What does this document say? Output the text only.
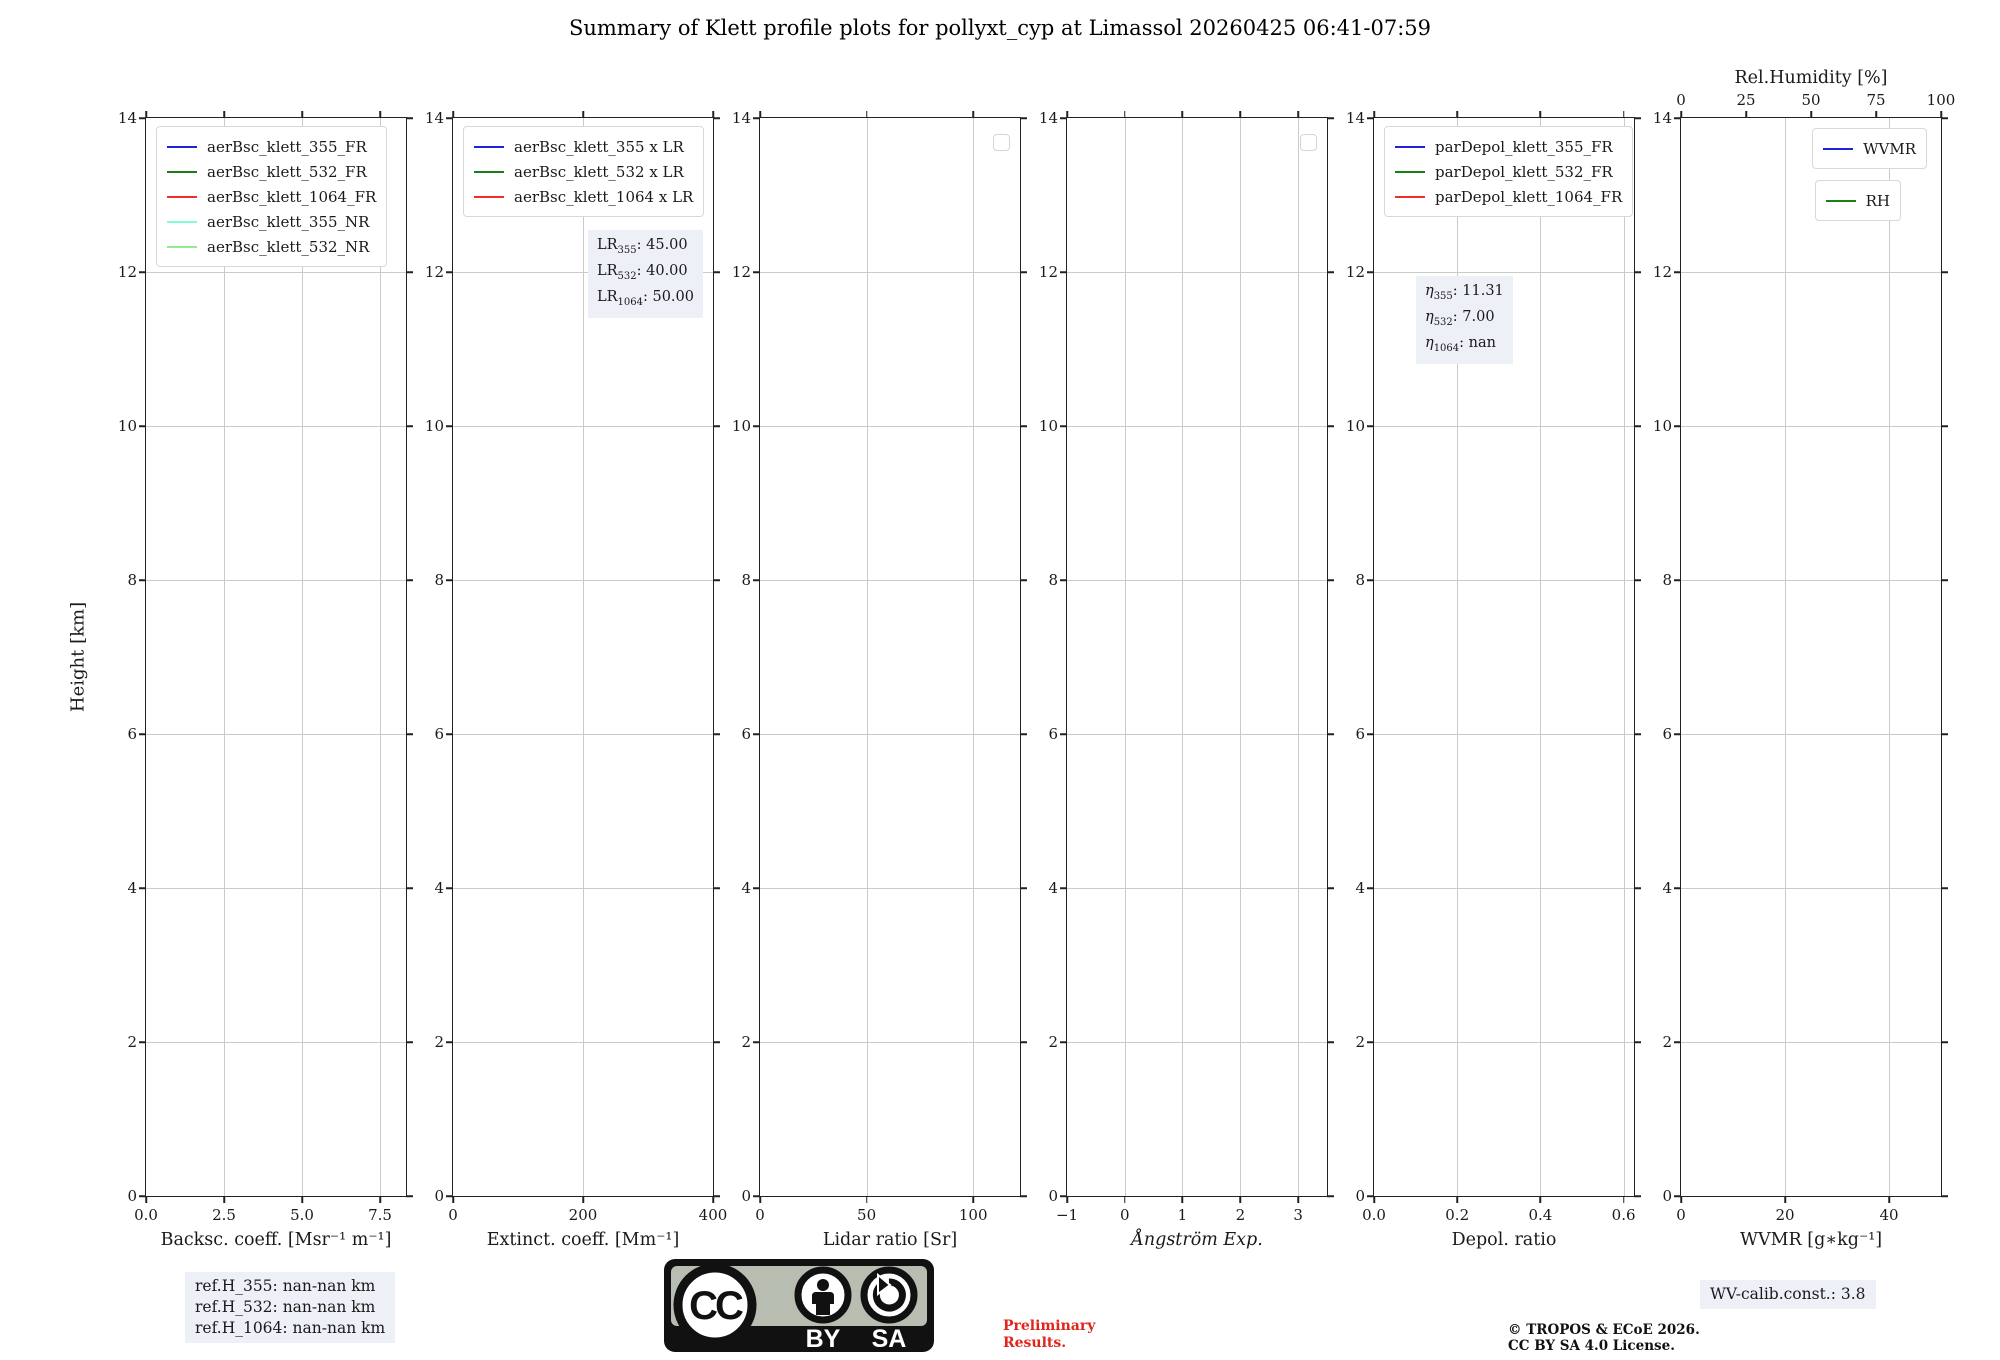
Summary of Klett profile plots for pollyxt_cyp at Limassol 20260425 06:41-07:59
Height [km]
0
2
4
6
8
10
12
14
0.0	2.5	5.0	7.5
Backsc. coeff. [Msr⁻¹ m⁻¹]
aerBsc_klett_355_FR
aerBsc_klett_532_FR
aerBsc_klett_1064_FR
aerBsc_klett_355_NR
aerBsc_klett_532_NR
0
2
4
6
8
10
12
14
0	200	400
Extinct. coeff. [Mm⁻¹]
aerBsc_klett_355 x LR
aerBsc_klett_532 x LR
aerBsc_klett_1064 x LR
$LR_{355}$: 45.00
$LR_{532}$: 40.00
$LR_{1064}$: 50.00
0
2
4
6
8
10
12
14
0	50	100
Lidar ratio [Sr]
0
2
4
6
8
10
12
14
−1	0	1	2	3
Ångström Exp.
0
2
4
6
8
10
12
14
0.0	0.2	0.4	0.6
Depol. ratio
parDepol_klett_355_FR
parDepol_klett_532_FR
parDepol_klett_1064_FR
$\eta_{355}$: 11.31
$\eta_{532}$: 7.00
$\eta_{1064}$: nan
0
2
4
6
8
10
12
14
0	20	40
0	25	50	75	100
Rel.Humidity [%]
WVMR [g∗kg⁻¹]
WVMR
RH
ref.H_355: nan-nan km
ref.H_532: nan-nan km
ref.H_1064: nan-nan km	CC
BY SA	Preliminary
Results.
© TROPOS & ECoE 2026.
CC BY SA 4.0 License.
WV-calib.const.: 3.8
